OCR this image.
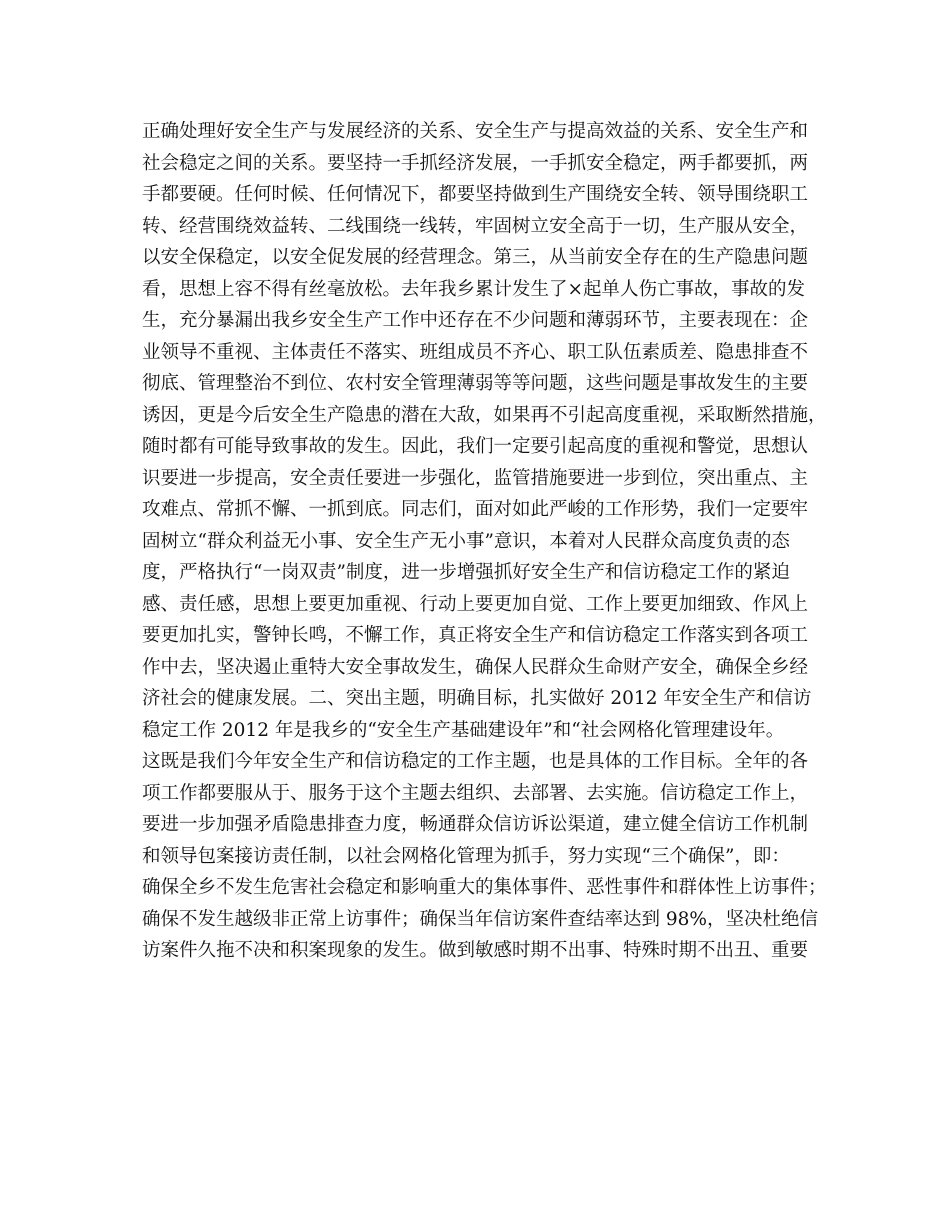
正确处理好安全生产与发展经济的关系、安全生产与提高效益的关系、安全生产和
社会稳定之间的关系。要坚持一手抓经济发展，一手抓安全稳定，两手都要抓，两
手都要硬。任何时候、任何情况下，都要坚持做到生产围绕安全转、领导围绕职工
转、经营围绕效益转、二线围绕一线转，牢固树立安全高于一切，生产服从安全，
以安全保稳定，以安全促发展的经营理念。第三，从当前安全存在的生产隐患问题
看，思想上容不得有丝毫放松。去年我乡累计发生了×起单人伤亡事故，事故的发
生，充分暴漏出我乡安全生产工作中还存在不少问题和薄弱环节，主要表现在：企
业领导不重视、主体责任不落实、班组成员不齐心、职工队伍素质差、隐患排查不
彻底、管理整治不到位、农村安全管理薄弱等等问题，这些问题是事故发生的主要
诱因，更是今后安全生产隐患的潜在大敌，如果再不引起高度重视，采取断然措施，
随时都有可能导致事故的发生。因此，我们一定要引起高度的重视和警觉，思想认
识要进一步提高，安全责任要进一步强化，监管措施要进一步到位，突出重点、主
攻难点、常抓不懈、一抓到底。同志们，面对如此严峻的工作形势，我们一定要牢
固树立“群众利益无小事、安全生产无小事”意识，本着对人民群众高度负责的态
度，严格执行“一岗双责”制度，进一步增强抓好安全生产和信访稳定工作的紧迫
感、责任感，思想上要更加重视、行动上要更加自觉、工作上要更加细致、作风上
要更加扎实，警钟长鸣，不懈工作，真正将安全生产和信访稳定工作落实到各项工
作中去，坚决遏止重特大安全事故发生，确保人民群众生命财产安全，确保全乡经
济社会的健康发展。二、突出主题，明确目标，扎实做好 2012 年安全生产和信访
稳定工作 2012 年是我乡的“安全生产基础建设年”和“社会网格化管理建设年。
这既是我们今年安全生产和信访稳定的工作主题，也是具体的工作目标。全年的各
项工作都要服从于、服务于这个主题去组织、去部署、去实施。信访稳定工作上，
要进一步加强矛盾隐患排查力度，畅通群众信访诉讼渠道，建立健全信访工作机制
和领导包案接访责任制，以社会网格化管理为抓手，努力实现“三个确保”，即：
确保全乡不发生危害社会稳定和影响重大的集体事件、恶性事件和群体性上访事件；
确保不发生越级非正常上访事件；确保当年信访案件查结率达到 98%，坚决杜绝信
访案件久拖不决和积案现象的发生。做到敏感时期不出事、特殊时期不出丑、重要
